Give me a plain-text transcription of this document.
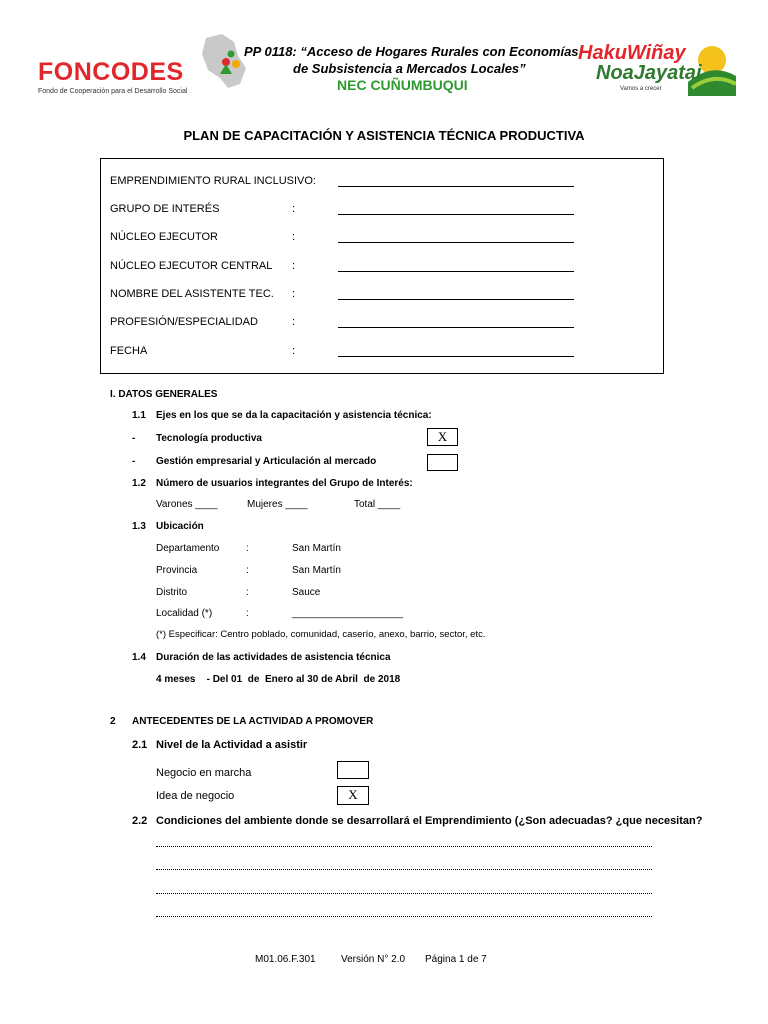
FONCODES
Fondo de Cooperación para el Desarrollo Social
PP 0118: “Acceso de Hogares Rurales con Economías
de Subsistencia a Mercados Locales”
NEC CUÑUMBUQUI
HakuWiñay
NoaJayatai
Vamos a crecer
PLAN DE CAPACITACIÓN Y ASISTENCIA TÉCNICA PRODUCTIVA
EMPRENDIMIENTO RURAL INCLUSIVO:
GRUPO DE INTERÉS	:
NÚCLEO EJECUTOR	:
NÚCLEO EJECUTOR CENTRAL :
NOMBRE DEL ASISTENTE TEC. :
PROFESIÓN/ESPECIALIDAD	:
FECHA	:
I. DATOS GENERALES
1.1 Ejes en los que se da la capacitación y asistencia técnica:
- Tecnología productiva	X
- Gestión empresarial y Articulación al mercado
1.2 Número de usuarios integrantes del Grupo de Interés:
Varones ____	Mujeres ____	Total ____
1.3 Ubicación
Departamento	:	San Martín
Provincia	:	San Martín
Distrito	:	Sauce
Localidad (*)	:	____________________
(*) Especificar: Centro poblado, comunidad, caserío, anexo, barrio, sector, etc.
1.4 Duración de las actividades de asistencia técnica
4 meses    - Del 01  de  Enero al 30 de Abril  de 2018
2 ANTECEDENTES DE LA ACTIVIDAD A PROMOVER
2.1 Nivel de la Actividad a asistir
Negocio en marcha
Idea de negocio	X
2.2 Condiciones del ambiente donde se desarrollará el Emprendimiento (¿Son adecuadas? ¿que necesitan?
M01.06.F.301	Versión N° 2.0 Página 1 de 7
